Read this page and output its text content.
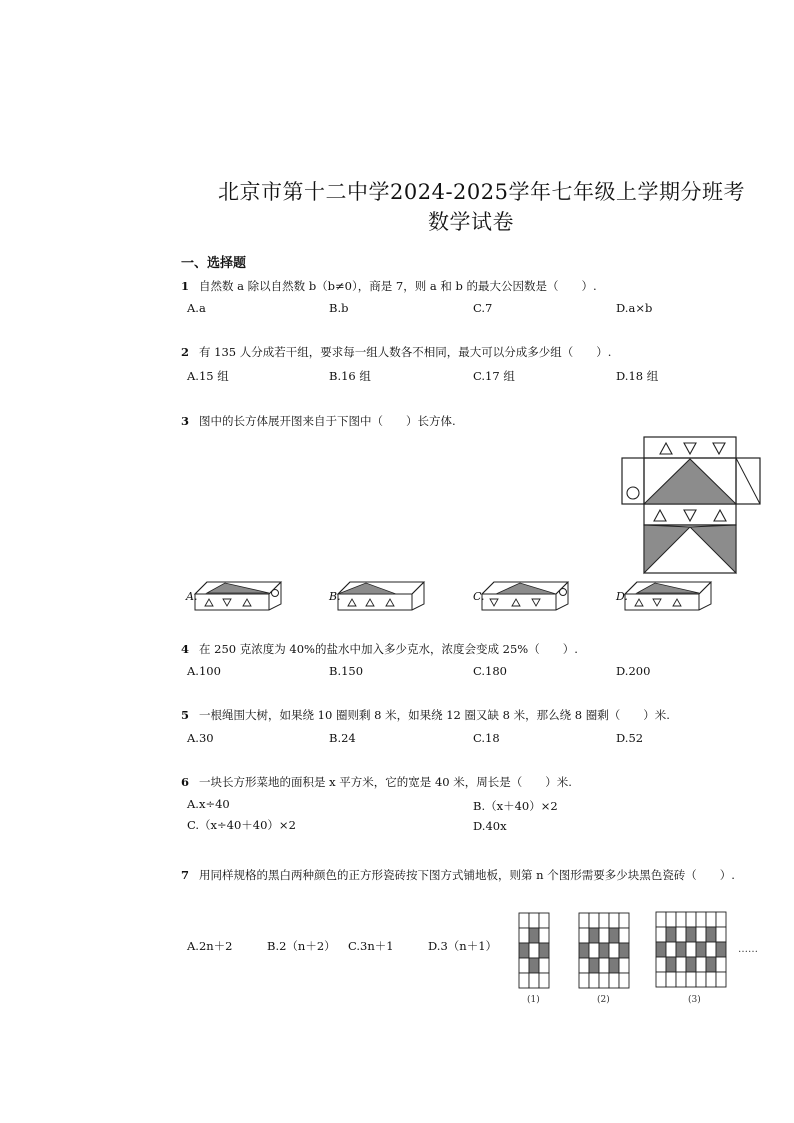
北京市第十二中学2024-2025学年七年级上学期分班考
数学试卷
一、选择题
1 自然数 a 除以自然数 b（b≠0），商是 7，则 a 和 b 的最大公因数是（　　）.
A.a	B.b	C.7	D.a×b
2 有 135 人分成若干组，要求每一组人数各不相同，最大可以分成多少组（　　）.
A.15 组	B.16 组	C.17 组	D.18 组
3 图中的长方体展开图来自于下图中（　　）长方体.
A.	B.	C.	D.
4 在 250 克浓度为 40%的盐水中加入多少克水，浓度会变成 25%（　　）.
A.100	B.150	C.180	D.200
5 一根绳围大树，如果绕 10 圈则剩 8 米，如果绕 12 圈又缺 8 米，那么绕 8 圈剩（　　）米.
A.30	B.24	C.18	D.52
6 一块长方形菜地的面积是 x 平方米，它的宽是 40 米，周长是（　　）米.
A.x÷40	B.（x＋40）×2
C.（x÷40＋40）×2	D.40x
7 用同样规格的黑白两种颜色的正方形瓷砖按下图方式铺地板，则第 n 个图形需要多少块黑色瓷砖（　　）.
A.2n＋2	B.2（n＋2） C.3n＋1	D.3（n＋1）
(1)	(2)	(3)
……
